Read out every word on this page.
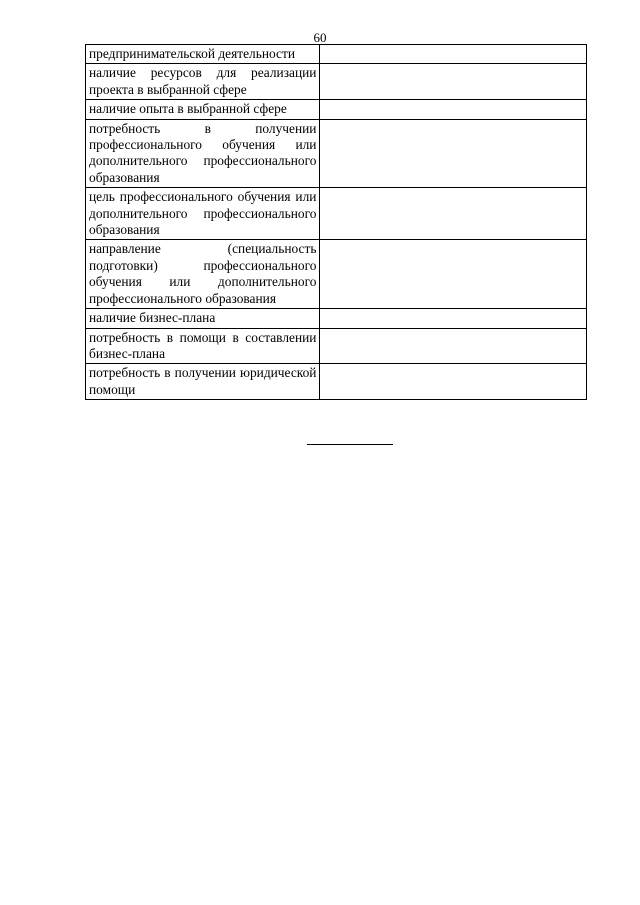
60
предпринимательской деятельности	
наличие ресурсов для реализации проекта в выбранной сфере	
наличие опыта в выбранной сфере	
потребность в получении профессионального обучения или дополнительного профессионального образования	
цель профессионального обучения или дополнительного профессионального образования	
направление (специальность подготовки) профессионального обучения или дополнительного профессионального образования	
наличие бизнес-плана	
потребность в помощи в составлении бизнес-плана	
потребность в получении юридической помощи	
